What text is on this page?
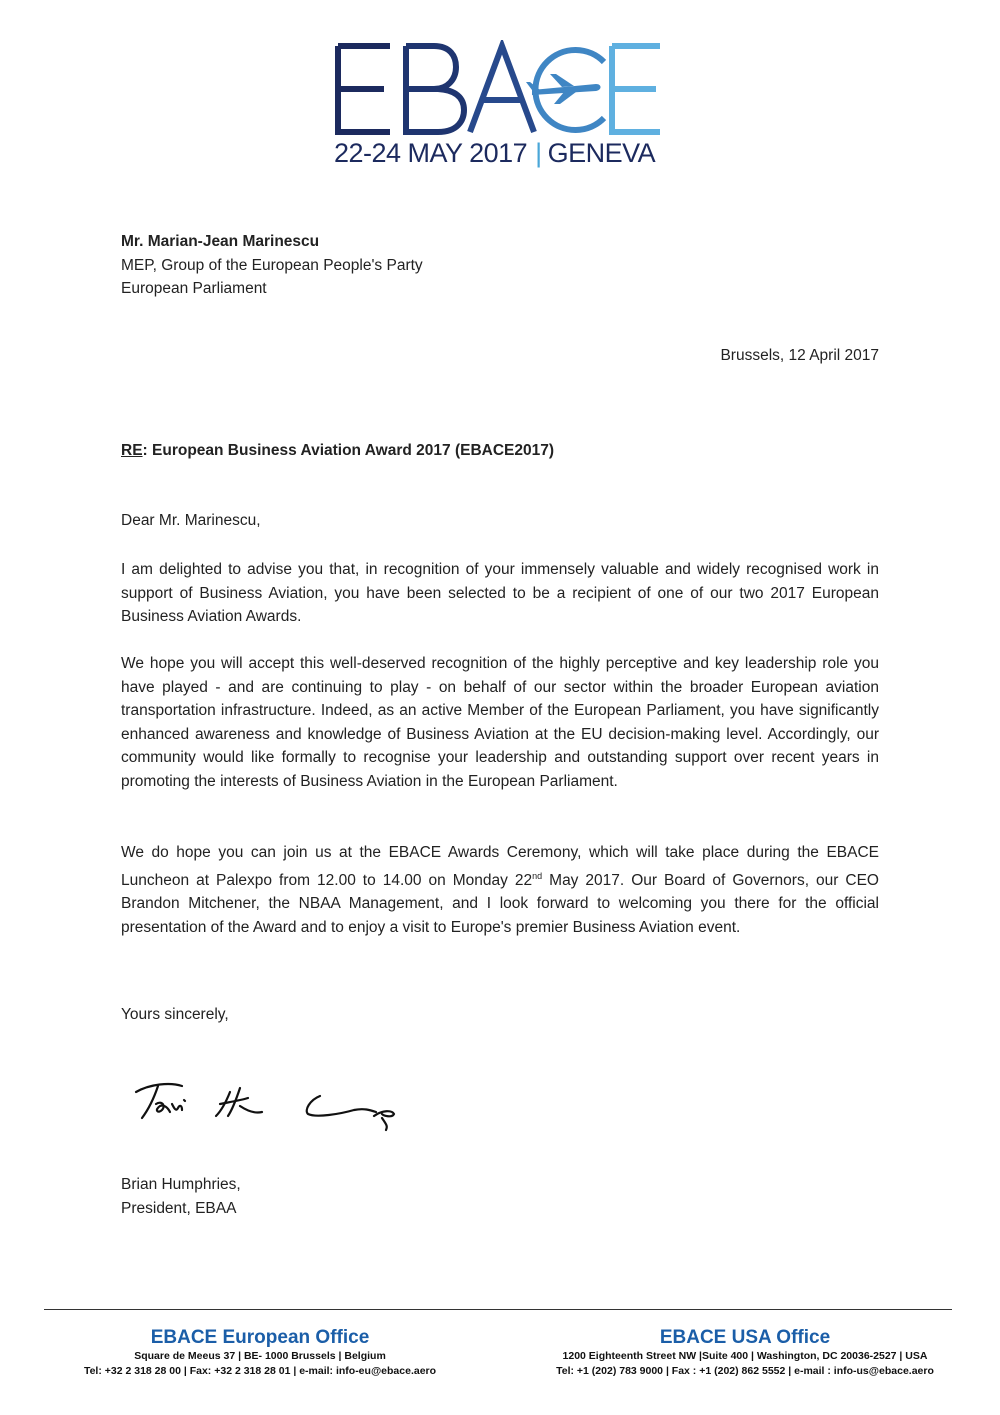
22-24 MAY 2017 | GENEVA
Mr. Marian-Jean Marinescu
MEP, Group of the European People's Party
European Parliament
Brussels, 12 April 2017
RE: European Business Aviation Award 2017 (EBACE2017)
Dear Mr. Marinescu,

I am delighted to advise you that, in recognition of your immensely valuable and widely recognised work in support of Business Aviation, you have been selected to be a recipient of one of our two 2017 European Business Aviation Awards.

We hope you will accept this well-deserved recognition of the highly perceptive and key leadership role you have played - and are continuing to play - on behalf of our sector within the broader European aviation transportation infrastructure. Indeed, as an active Member of the European Parliament, you have significantly enhanced awareness and knowledge of Business Aviation at the EU decision-making level. Accordingly, our community would like formally to recognise your leadership and outstanding support over recent years in promoting the interests of Business Aviation in the European Parliament.

We do hope you can join us at the EBACE Awards Ceremony, which will take place during the EBACE Luncheon at Palexpo from 12.00 to 14.00 on Monday 22nd May 2017. Our Board of Governors, our CEO Brandon Mitchener, the NBAA Management, and I look forward to welcoming you there for the official presentation of the Award and to enjoy a visit to Europe's premier Business Aviation event.

Yours sincerely,
Brian Humphries,
President, EBAA
EBACE European Office
Square de Meeus 37 | BE- 1000 Brussels | Belgium
Tel: +32 2 318 28 00 | Fax: +32 2 318 28 01 | e-mail: info-eu@ebace.aero
EBACE USA Office
1200 Eighteenth Street NW |Suite 400 | Washington, DC 20036-2527 | USA
Tel: +1 (202) 783 9000 | Fax : +1 (202) 862 5552 | e-mail : info-us@ebace.aero
